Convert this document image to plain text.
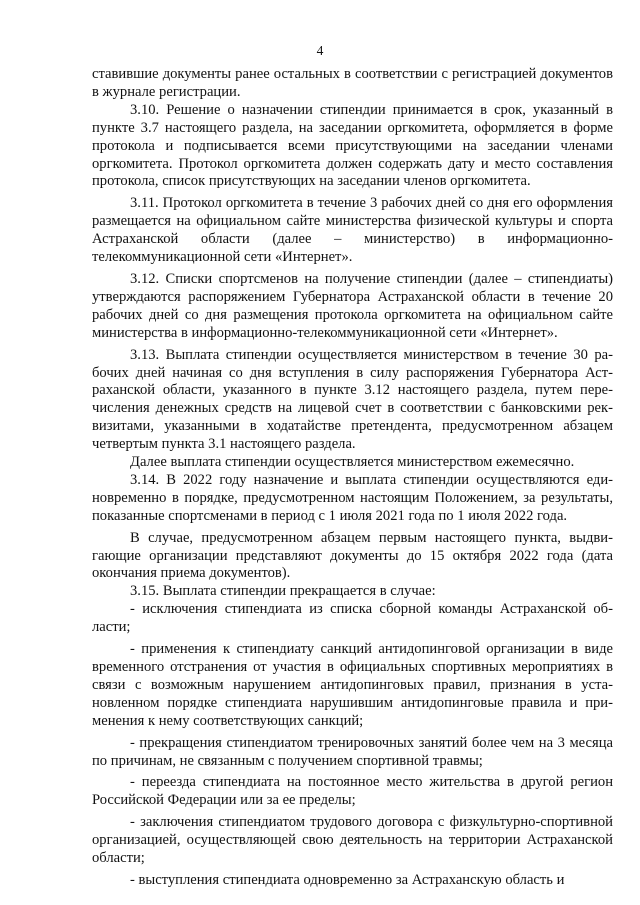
4

ставившие документы ранее остальных в соответствии с регистрацией документов в журнале регистрации.

3.10. Решение о назначении стипендии принимается в срок, указанный в пункте 3.7 настоящего раздела, на заседании оргкомитета, оформляется в форме протокола и подписывается всеми присутствующими на заседании членами оргкомитета. Протокол оргкомитета должен содержать дату и место составления протокола, список присутствующих на заседании членов оргкомитета.

3.11. Протокол оргкомитета в течение 3 рабочих дней со дня его оформления размещается на официальном сайте министерства физической культуры и спорта Астраханской области (далее – министерство) в информационно-телекоммуникационной сети «Интернет».

3.12. Списки спортсменов на получение стипендии (далее – стипендиаты) утверждаются распоряжением Губернатора Астраханской области в течение 20 рабочих дней со дня размещения протокола оргкомитета на официальном сайте министерства в информационно-телекоммуникационной сети «Интернет».

3.13. Выплата стипендии осуществляется министерством в течение 30 рабочих дней начиная со дня вступления в силу распоряжения Губернатора Астраханской области, указанного в пункте 3.12 настоящего раздела, путем перечисления денежных средств на лицевой счет в соответствии с банковскими реквизитами, указанными в ходатайстве претендента, предусмотренном абзацем четвертым пункта 3.1 настоящего раздела.

Далее выплата стипендии осуществляется министерством ежемесячно.

3.14. В 2022 году назначение и выплата стипендии осуществляются единовременно в порядке, предусмотренном настоящим Положением, за результаты, показанные спортсменами в период с 1 июля 2021 года по 1 июля 2022 года.

В случае, предусмотренном абзацем первым настоящего пункта, выдвигающие организации представляют документы до 15 октября 2022 года (дата окончания приема документов).

3.15. Выплата стипендии прекращается в случае:

- исключения стипендиата из списка сборной команды Астраханской области;

- применения к стипендиату санкций антидопинговой организации в виде временного отстранения от участия в официальных спортивных мероприятиях в связи с возможным нарушением антидопинговых правил, признания в установленном порядке стипендиата нарушившим антидопинговые правила и применения к нему соответствующих санкций;

- прекращения стипендиатом тренировочных занятий более чем на 3 месяца по причинам, не связанным с получением спортивной травмы;

- переезда стипендиата на постоянное место жительства в другой регион Российской Федерации или за ее пределы;

- заключения стипендиатом трудового договора с физкультурно-спортивной организацией, осуществляющей свою деятельность на территории Астраханской области;

- выступления стипендиата одновременно за Астраханскую область и
